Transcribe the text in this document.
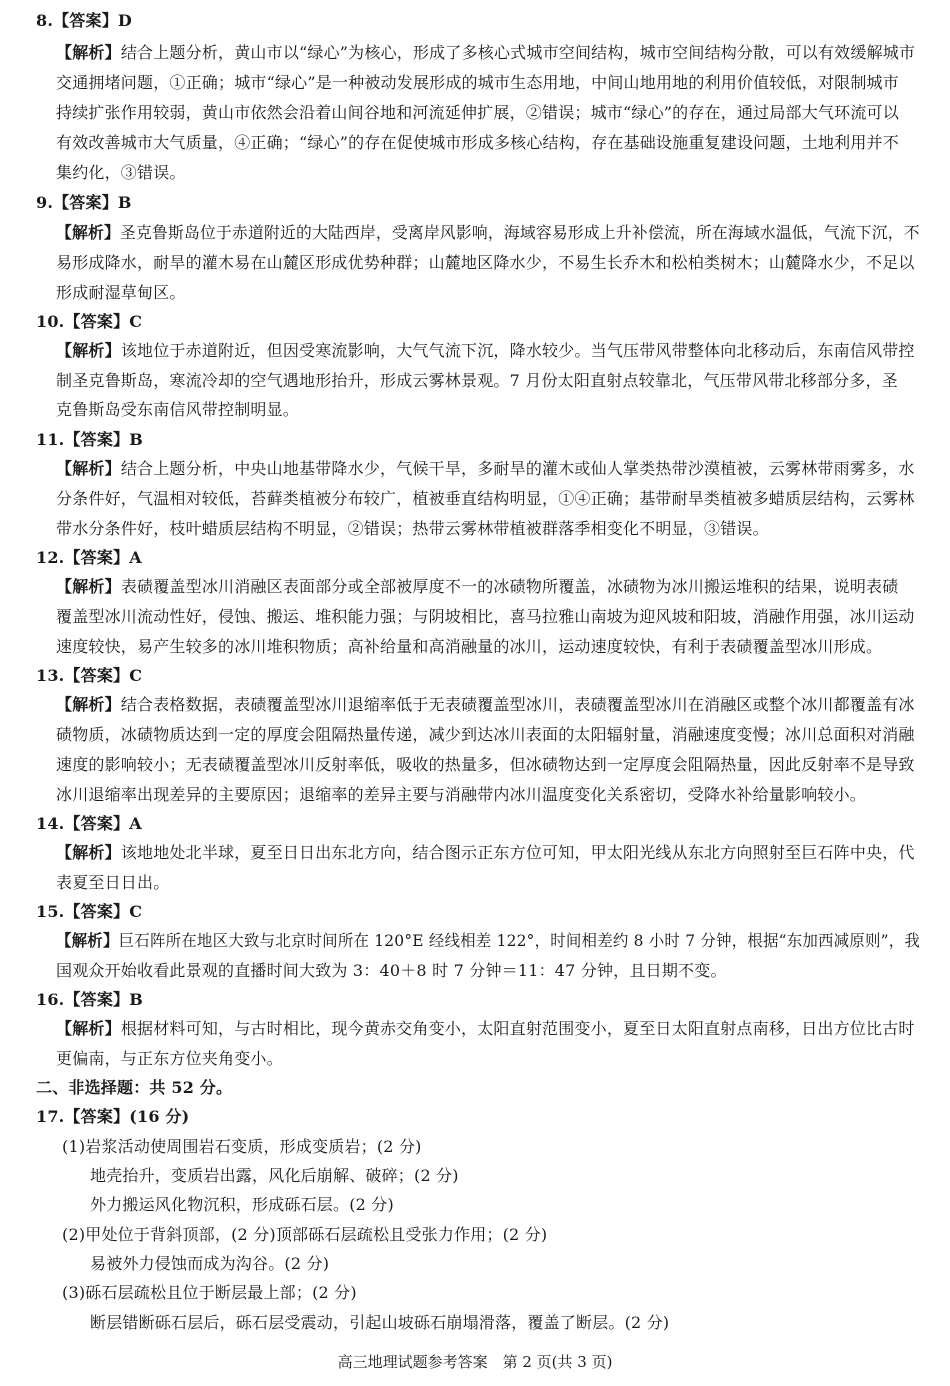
8.【答案】D
【解析】结合上题分析，黄山市以“绿心”为核心，形成了多核心式城市空间结构，城市空间结构分散，可以有效缓解城市
交通拥堵问题，①正确；城市“绿心”是一种被动发展形成的城市生态用地，中间山地用地的利用价值较低，对限制城市
持续扩张作用较弱，黄山市依然会沿着山间谷地和河流延伸扩展，②错误；城市“绿心”的存在，通过局部大气环流可以
有效改善城市大气质量，④正确；“绿心”的存在促使城市形成多核心结构，存在基础设施重复建设问题，土地利用并不
集约化，③错误。
9.【答案】B
【解析】圣克鲁斯岛位于赤道附近的大陆西岸，受离岸风影响，海域容易形成上升补偿流，所在海域水温低，气流下沉，不
易形成降水，耐旱的灌木易在山麓区形成优势种群；山麓地区降水少，不易生长乔木和松柏类树木；山麓降水少，不足以
形成耐湿草甸区。
10.【答案】C
【解析】该地位于赤道附近，但因受寒流影响，大气气流下沉，降水较少。当气压带风带整体向北移动后，东南信风带控
制圣克鲁斯岛，寒流冷却的空气遇地形抬升，形成云雾林景观。7 月份太阳直射点较靠北，气压带风带北移部分多，圣
克鲁斯岛受东南信风带控制明显。
11.【答案】B
【解析】结合上题分析，中央山地基带降水少，气候干旱，多耐旱的灌木或仙人掌类热带沙漠植被，云雾林带雨雾多，水
分条件好，气温相对较低，苔藓类植被分布较广，植被垂直结构明显，①④正确；基带耐旱类植被多蜡质层结构，云雾林
带水分条件好，枝叶蜡质层结构不明显，②错误；热带云雾林带植被群落季相变化不明显，③错误。
12.【答案】A
【解析】表碛覆盖型冰川消融区表面部分或全部被厚度不一的冰碛物所覆盖，冰碛物为冰川搬运堆积的结果，说明表碛
覆盖型冰川流动性好，侵蚀、搬运、堆积能力强；与阴坡相比，喜马拉雅山南坡为迎风坡和阳坡，消融作用强，冰川运动
速度较快，易产生较多的冰川堆积物质；高补给量和高消融量的冰川，运动速度较快，有利于表碛覆盖型冰川形成。
13.【答案】C
【解析】结合表格数据，表碛覆盖型冰川退缩率低于无表碛覆盖型冰川，表碛覆盖型冰川在消融区或整个冰川都覆盖有冰
碛物质，冰碛物质达到一定的厚度会阻隔热量传递，减少到达冰川表面的太阳辐射量，消融速度变慢；冰川总面积对消融
速度的影响较小；无表碛覆盖型冰川反射率低，吸收的热量多，但冰碛物达到一定厚度会阻隔热量，因此反射率不是导致
冰川退缩率出现差异的主要原因；退缩率的差异主要与消融带内冰川温度变化关系密切，受降水补给量影响较小。
14.【答案】A
【解析】该地地处北半球，夏至日日出东北方向，结合图示正东方位可知，甲太阳光线从东北方向照射至巨石阵中央，代
表夏至日日出。
15.【答案】C
【解析】巨石阵所在地区大致与北京时间所在 120°E 经线相差 122°，时间相差约 8 小时 7 分钟，根据“东加西减原则”，我
国观众开始收看此景观的直播时间大致为 3：40＋8 时 7 分钟＝11：47 分钟，且日期不变。
16.【答案】B
【解析】根据材料可知，与古时相比，现今黄赤交角变小，太阳直射范围变小，夏至日太阳直射点南移，日出方位比古时
更偏南，与正东方位夹角变小。
二、非选择题：共 52 分。
17.【答案】(16 分)
(1)岩浆活动使周围岩石变质，形成变质岩；(2 分)
地壳抬升，变质岩出露，风化后崩解、破碎；(2 分)
外力搬运风化物沉积，形成砾石层。(2 分)
(2)甲处位于背斜顶部，(2 分)顶部砾石层疏松且受张力作用；(2 分)
易被外力侵蚀而成为沟谷。(2 分)
(3)砾石层疏松且位于断层最上部；(2 分)
断层错断砾石层后，砾石层受震动，引起山坡砾石崩塌滑落，覆盖了断层。(2 分)
高三地理试题参考答案　第 2 页(共 3 页)
